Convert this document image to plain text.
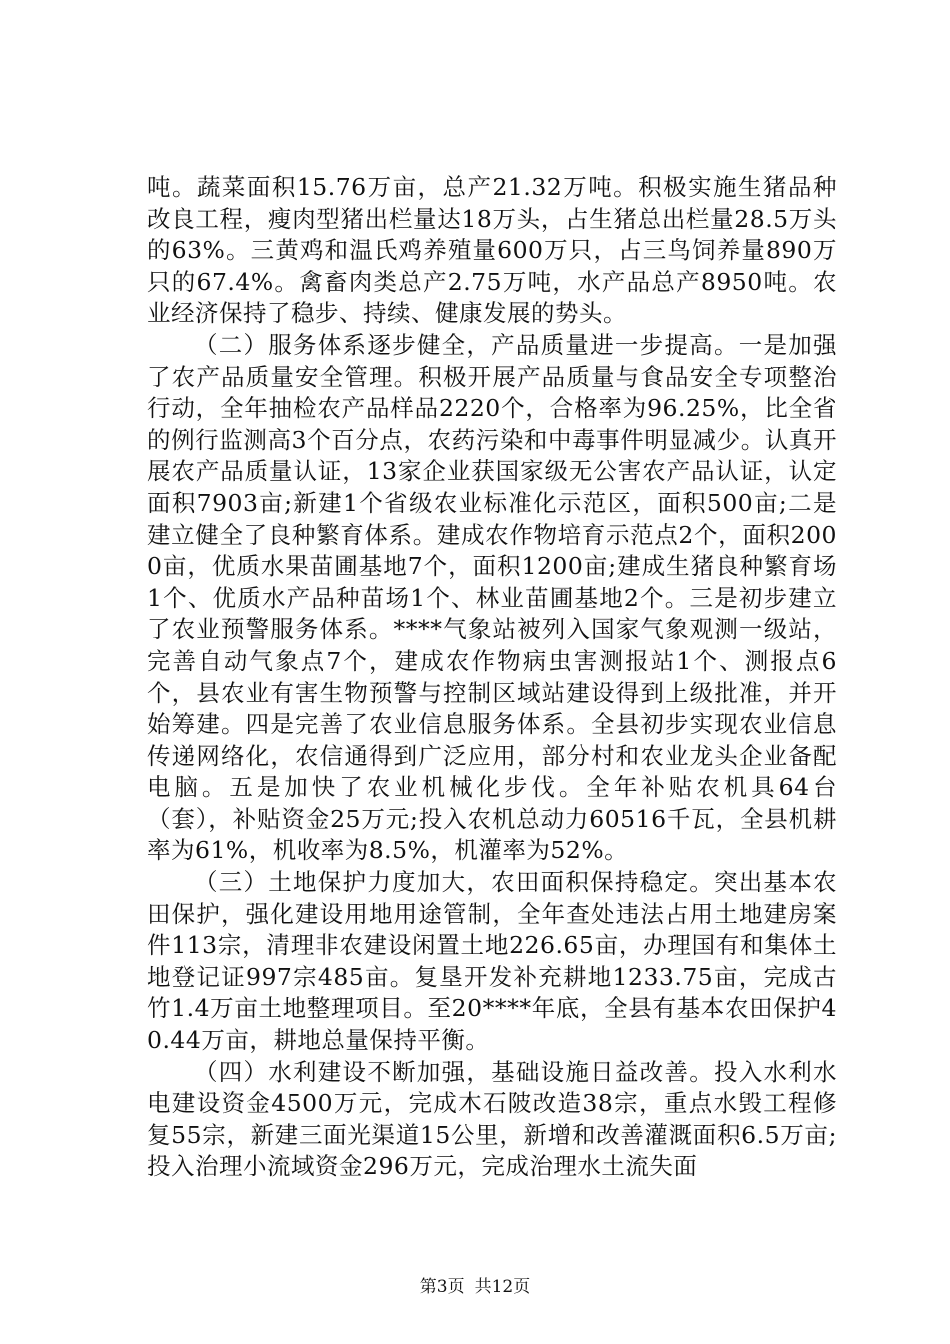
吨。蔬菜面积15.76万亩，总产21.32万吨。积极实施生猪品种改良工程，瘦肉型猪出栏量达18万头，占生猪总出栏量28.5万头的63%。三黄鸡和温氏鸡养殖量600万只，占三鸟饲养量890万只的67.4%。禽畜肉类总产2.75万吨，水产品总产8950吨。农业经济保持了稳步、持续、健康发展的势头。

（二）服务体系逐步健全，产品质量进一步提高。一是加强了农产品质量安全管理。积极开展产品质量与食品安全专项整治行动，全年抽检农产品样品2220个，合格率为96.25%，比全省的例行监测高3个百分点，农药污染和中毒事件明显减少。认真开展农产品质量认证，13家企业获国家级无公害农产品认证，认定面积7903亩;新建1个省级农业标准化示范区，面积500亩;二是建立健全了良种繁育体系。建成农作物培育示范点2个，面积2000亩，优质水果苗圃基地7个，面积1200亩;建成生猪良种繁育场1个、优质水产品种苗场1个、林业苗圃基地2个。三是初步建立了农业预警服务体系。****气象站被列入国家气象观测一级站，完善自动气象点7个，建成农作物病虫害测报站1个、测报点6个，县农业有害生物预警与控制区域站建设得到上级批准，并开始筹建。四是完善了农业信息服务体系。全县初步实现农业信息传递网络化，农信通得到广泛应用，部分村和农业龙头企业备配电脑。五是加快了农业机械化步伐。全年补贴农机具64台（套），补贴资金25万元;投入农机总动力60516千瓦，全县机耕率为61%，机收率为8.5%，机灌率为52%。

（三）土地保护力度加大，农田面积保持稳定。突出基本农田保护，强化建设用地用途管制，全年查处违法占用土地建房案件113宗，清理非农建设闲置土地226.65亩，办理国有和集体土地登记证997宗485亩。复垦开发补充耕地1233.75亩，完成古竹1.4万亩土地整理项目。至20****年底，全县有基本农田保护40.44万亩，耕地总量保持平衡。

（四）水利建设不断加强，基础设施日益改善。投入水利水电建设资金4500万元，完成木石陂改造38宗，重点水毁工程修复55宗，新建三面光渠道15公里，新增和改善灌溉面积6.5万亩;投入治理小流域资金296万元，完成治理水土流失面

第3页 共12页
